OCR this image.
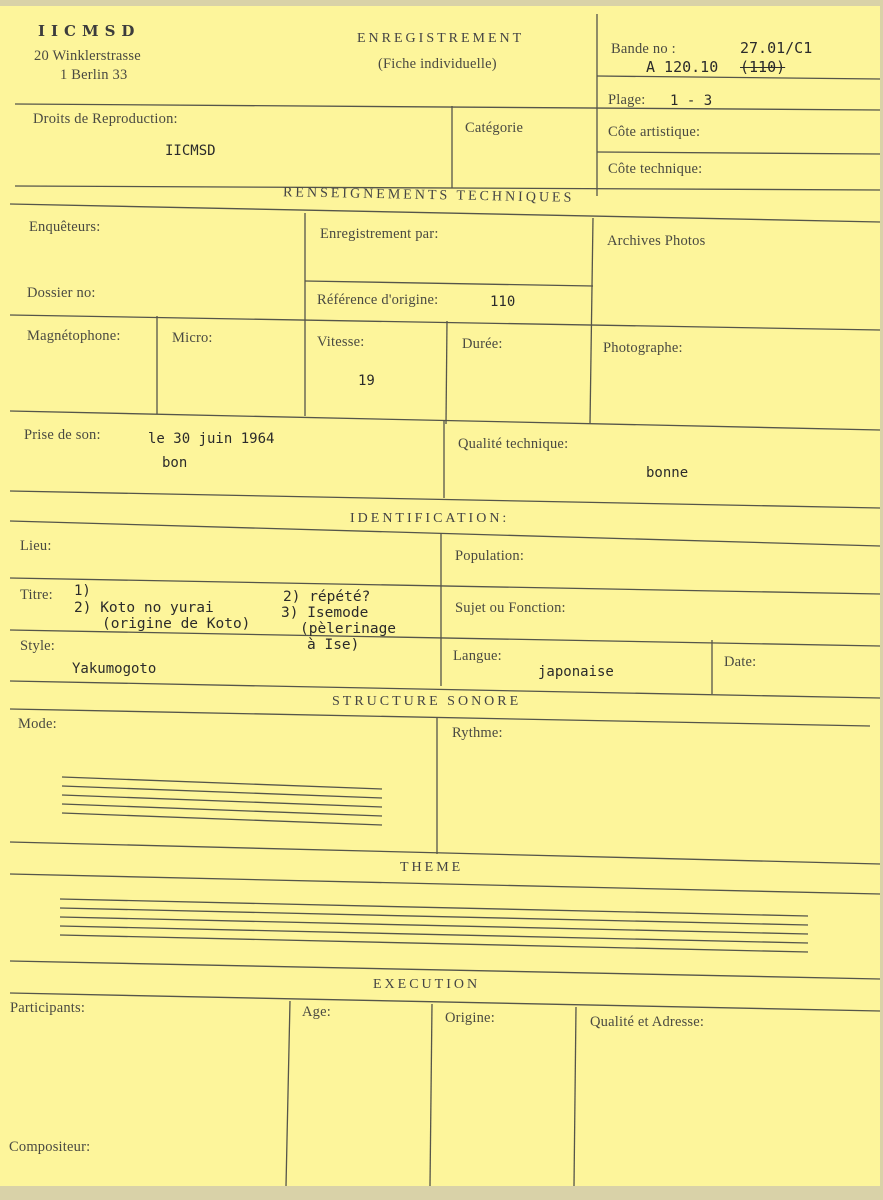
IICMSD
20 Winklerstrasse
1 Berlin 33
ENREGISTREMENT
(Fiche individuelle)
Bande no :	27.01/C1
A 120.10 (110)
Plage: 1 - 3
Droits de Reproduction:
IICMSD
Catégorie	Côte artistique:
Côte technique:
RENSEIGNEMENTS TECHNIQUES
Enquêteurs:	Enregistrement par:	Archives Photos
Dossier no:	Référence d'origine:	110
Magnétophone:	Micro:	Vitesse:
19
Durée:	Photographe:
Prise de son:	le 30 juin 1964
bon
Qualité technique:
bonne
IDENTIFICATION:
Lieu:
Population:
Titre: 1)
2) Koto no yurai
(origine de Koto)
2) répété?
3) Isemode
(pèlerinage
à Ise)
Sujet ou Fonction:
Style:
Yakumogoto
Langue:
japonaise
Date:
STRUCTURE SONORE
Mode:
Rythme:
THEME
EXECUTION
Participants:	Age:	Origine:	Qualité et Adresse:
Compositeur:
